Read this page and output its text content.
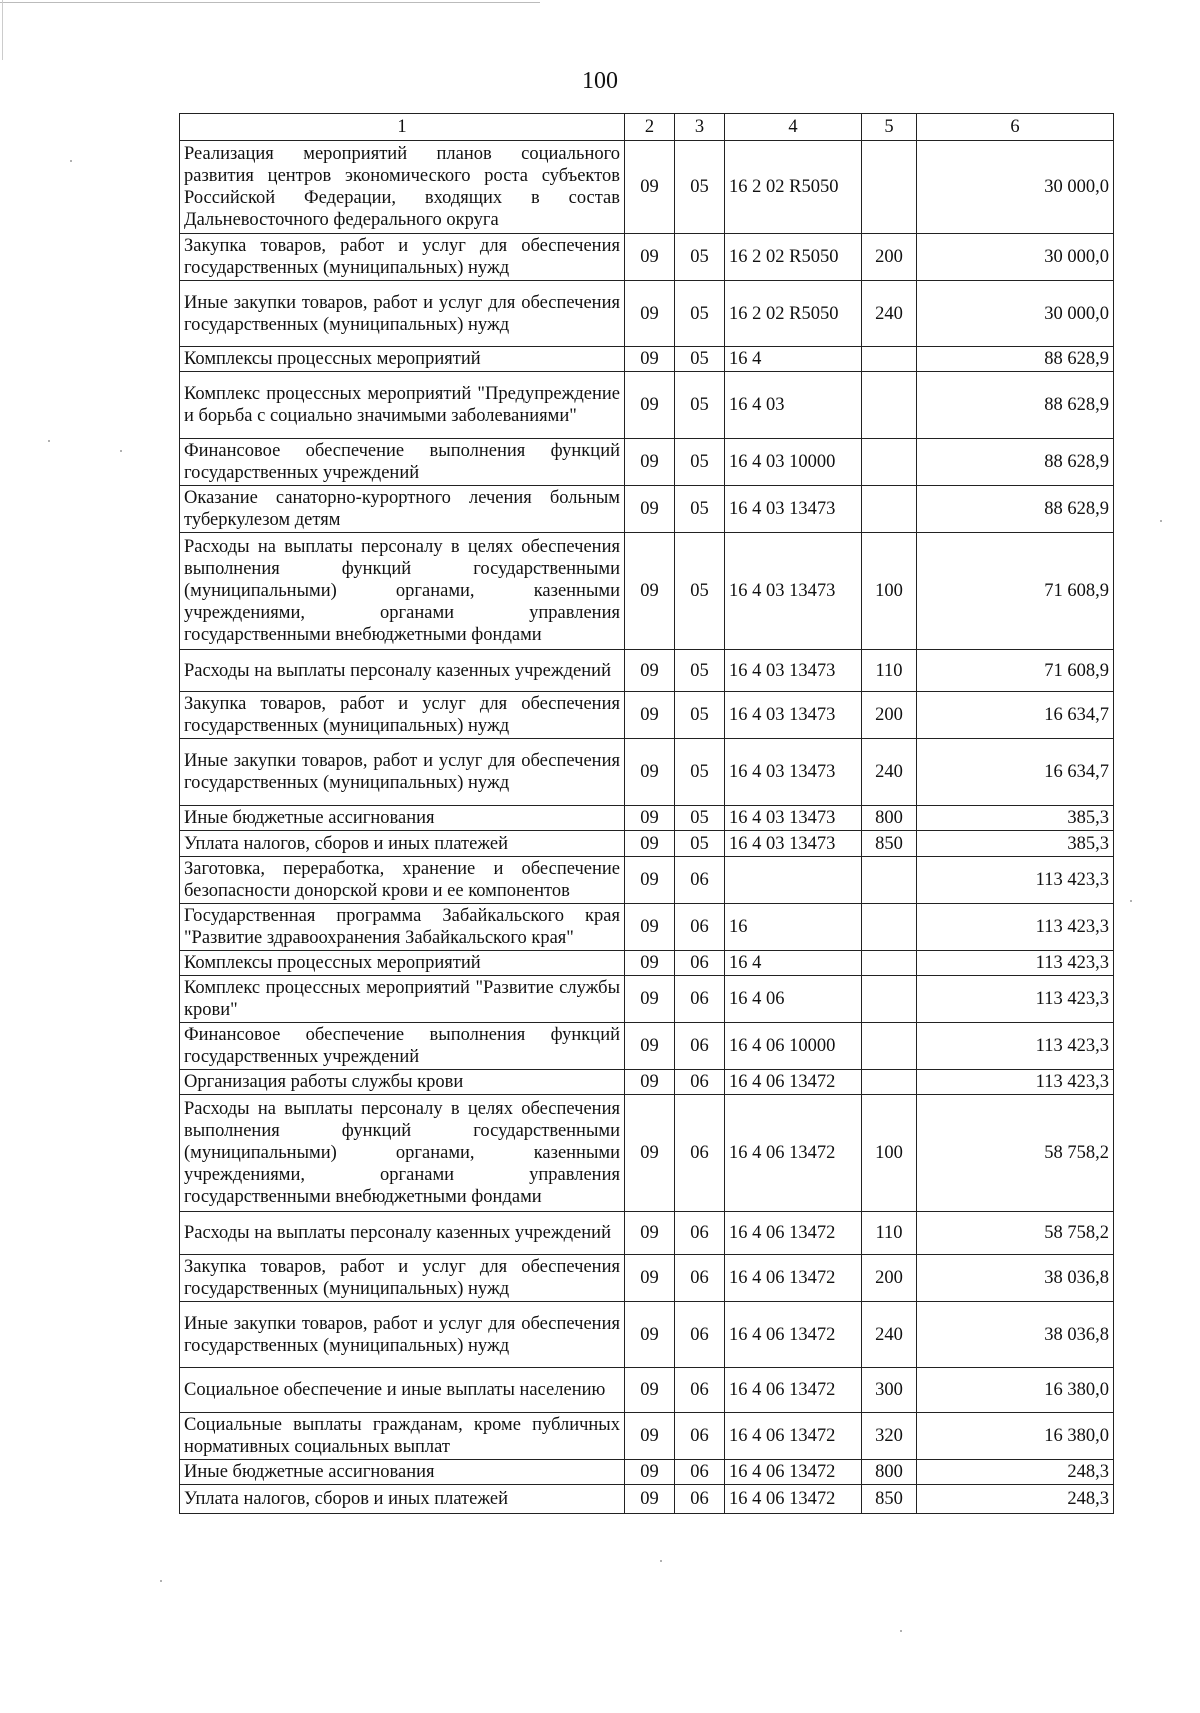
100
1	2	3	4	5	6
Реализация мероприятий планов социального развития центров экономического роста субъектов Российской Федерации, входящих в состав Дальневосточного федерального округа	09	05	16 2 02 R5050		30 000,0
Закупка товаров, работ и услуг для обеспечения государственных (муниципальных) нужд	09	05	16 2 02 R5050	200	30 000,0
Иные закупки товаров, работ и услуг для обеспечения государственных (муниципальных) нужд	09	05	16 2 02 R5050	240	30 000,0
Комплексы процессных мероприятий	09	05	16 4		88 628,9
Комплекс процессных мероприятий "Предупреждение и борьба с социально значимыми заболеваниями"	09	05	16 4 03		88 628,9
Финансовое обеспечение выполнения функций государственных учреждений	09	05	16 4 03 10000		88 628,9
Оказание санаторно-курортного лечения больным туберкулезом детям	09	05	16 4 03 13473		88 628,9
Расходы на выплаты персоналу в целях обеспечения выполнения функций государственными (муниципальными) органами, казенными учреждениями, органами управления государственными внебюджетными фондами	09	05	16 4 03 13473	100	71 608,9
Расходы на выплаты персоналу казенных учреждений	09	05	16 4 03 13473	110	71 608,9
Закупка товаров, работ и услуг для обеспечения государственных (муниципальных) нужд	09	05	16 4 03 13473	200	16 634,7
Иные закупки товаров, работ и услуг для обеспечения государственных (муниципальных) нужд	09	05	16 4 03 13473	240	16 634,7
Иные бюджетные ассигнования	09	05	16 4 03 13473	800	385,3
Уплата налогов, сборов и иных платежей	09	05	16 4 03 13473	850	385,3
Заготовка, переработка, хранение и обеспечение безопасности донорской крови и ее компонентов	09	06			113 423,3
Государственная программа Забайкальского края "Развитие здравоохранения Забайкальского края"	09	06	16		113 423,3
Комплексы процессных мероприятий	09	06	16 4		113 423,3
Комплекс процессных мероприятий "Развитие службы крови"	09	06	16 4 06		113 423,3
Финансовое обеспечение выполнения функций государственных учреждений	09	06	16 4 06 10000		113 423,3
Организация работы службы крови	09	06	16 4 06 13472		113 423,3
Расходы на выплаты персоналу в целях обеспечения выполнения функций государственными (муниципальными) органами, казенными учреждениями, органами управления государственными внебюджетными фондами	09	06	16 4 06 13472	100	58 758,2
Расходы на выплаты персоналу казенных учреждений	09	06	16 4 06 13472	110	58 758,2
Закупка товаров, работ и услуг для обеспечения государственных (муниципальных) нужд	09	06	16 4 06 13472	200	38 036,8
Иные закупки товаров, работ и услуг для обеспечения государственных (муниципальных) нужд	09	06	16 4 06 13472	240	38 036,8
Социальное обеспечение и иные выплаты населению	09	06	16 4 06 13472	300	16 380,0
Социальные выплаты гражданам, кроме публичных нормативных социальных выплат	09	06	16 4 06 13472	320	16 380,0
Иные бюджетные ассигнования	09	06	16 4 06 13472	800	248,3
Уплата налогов, сборов и иных платежей	09	06	16 4 06 13472	850	248,3
